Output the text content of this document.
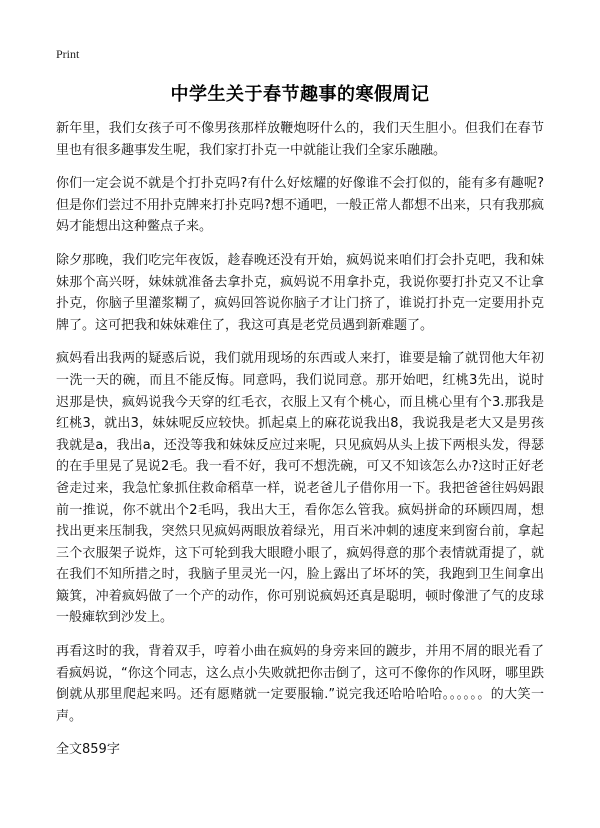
Print
中学生关于春节趣事的寒假周记

新年里，我们女孩子可不像男孩那样放鞭炮呀什么的，我们天生胆小。但我们在春节里也有很多趣事发生呢，我们家打扑克一中就能让我们全家乐融融。

你们一定会说不就是个打扑克吗?有什么好炫耀的好像谁不会打似的，能有多有趣呢?但是你们尝过不用扑克牌来打扑克吗?想不通吧，一般正常人都想不出来，只有我那疯妈才能想出这种鳖点子来。

除夕那晚，我们吃完年夜饭，趁春晚还没有开始，疯妈说来咱们打会扑克吧，我和妹妹那个高兴呀，妹妹就准备去拿扑克，疯妈说不用拿扑克，我说你要打扑克又不让拿扑克，你脑子里灌浆糊了，疯妈回答说你脑子才让门挤了，谁说打扑克一定要用扑克牌了。这可把我和妹妹难住了，我这可真是老党员遇到新难题了。

疯妈看出我两的疑惑后说，我们就用现场的东西或人来打，谁要是输了就罚他大年初一洗一天的碗，而且不能反悔。同意吗，我们说同意。那开始吧，红桃3先出，说时迟那是快，疯妈说我今天穿的红毛衣，衣服上又有个桃心，而且桃心里有个3.那我是红桃3，就出3，妹妹呢反应较快。抓起桌上的麻花说我出8，我说我是老大又是男孩我就是a，我出a，还没等我和妹妹反应过来呢，只见疯妈从头上拔下两根头发，得瑟的在手里晃了晃说2毛。我一看不好，我可不想洗碗，可又不知该怎么办?这时正好老爸走过来，我急忙象抓住救命稻草一样，说老爸儿子借你用一下。我把爸爸往妈妈跟前一推说，你不就出个2毛吗，我出大王，看你怎么管我。疯妈拼命的环顾四周，想找出更来压制我，突然只见疯妈两眼放着绿光，用百米冲刺的速度来到窗台前，拿起三个衣服架子说炸，这下可轮到我大眼瞪小眼了，疯妈得意的那个表情就甭提了，就在我们不知所措之时，我脑子里灵光一闪，脸上露出了坏坏的笑，我跑到卫生间拿出簸箕，冲着疯妈做了一个产的动作，你可别说疯妈还真是聪明，顿时像泄了气的皮球一般瘫软到沙发上。

再看这时的我，背着双手，哼着小曲在疯妈的身旁来回的踱步，并用不屑的眼光看了看疯妈说，“你这个同志，这么点小失败就把你击倒了，这可不像你的作风呀，哪里跌倒就从那里爬起来吗。还有愿赌就一定要服输.”说完我还哈哈哈哈。。。。。。的大笑一声。

全文859字
